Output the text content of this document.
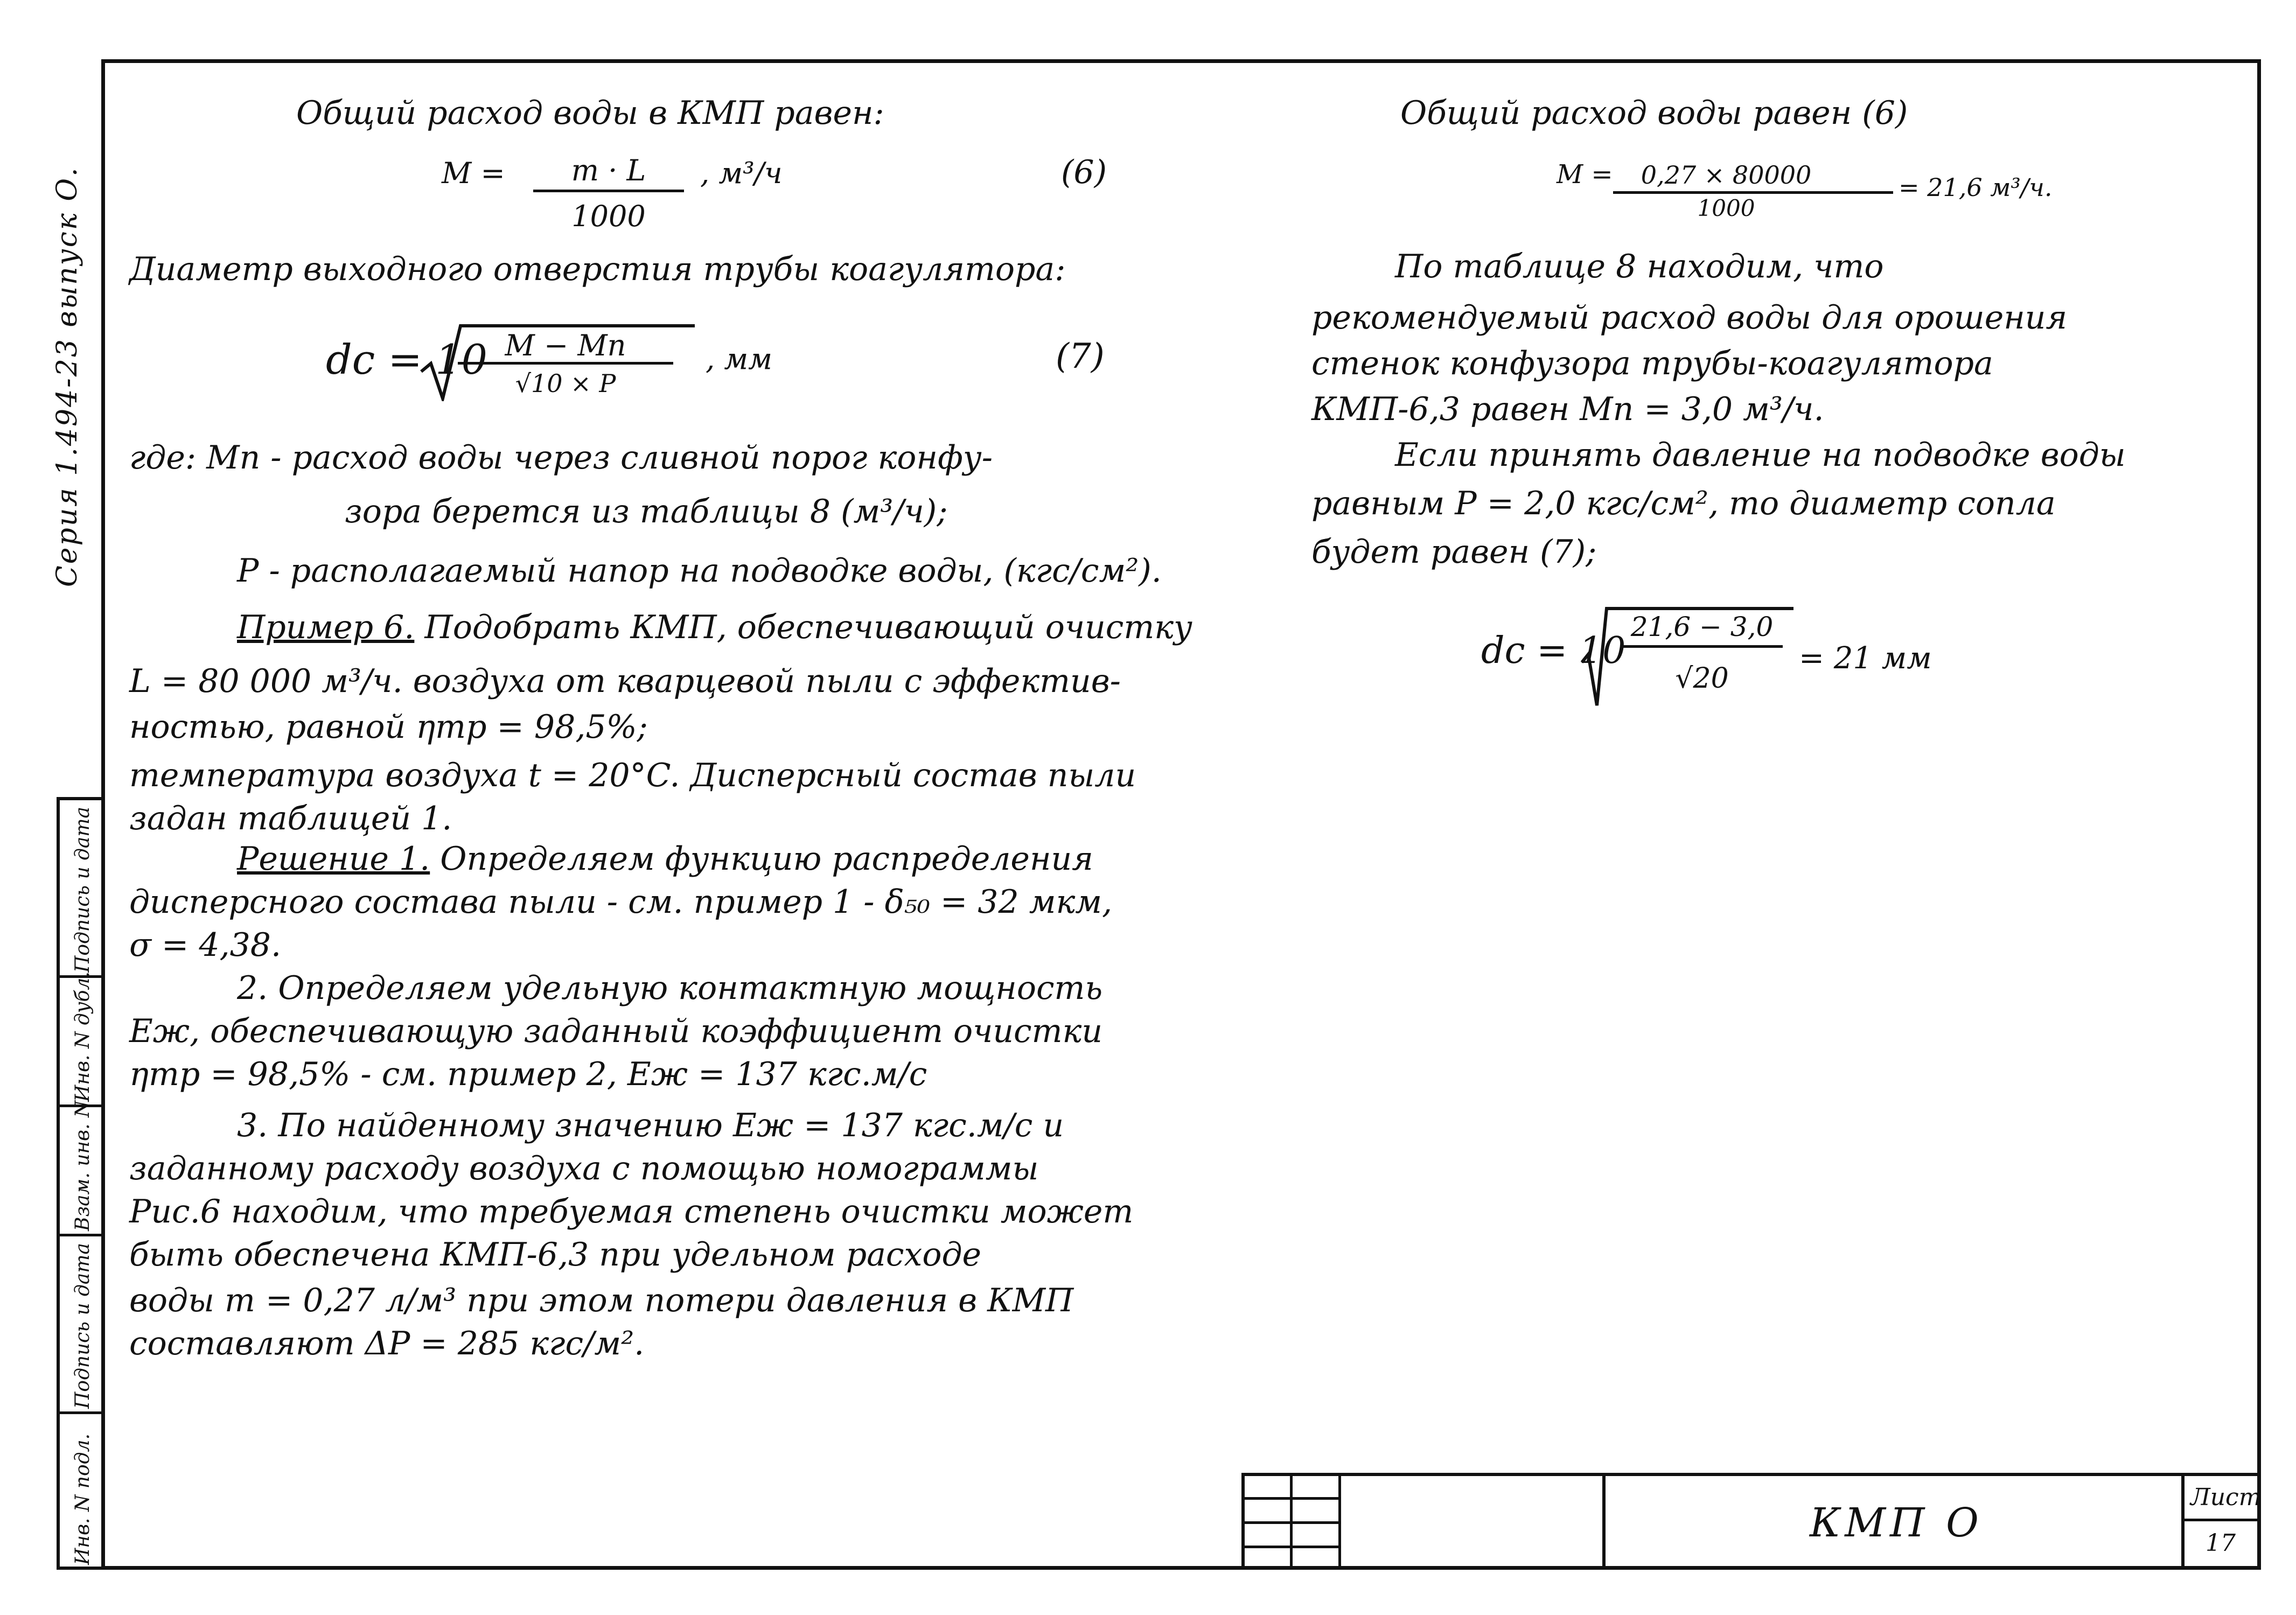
Серия 1.494-23 выпуск О.
Подпись и дата
Инв. N дубл.
Взам. инв. N
Подпись и дата
Инв. N подл.
Общий расход воды в КМП равен:
M =	m · L
1000
, м³/ч	(6)
Диаметр выходного отверстия трубы коагулятора:
dc = 10 M − Mп
√10 × P
, мм	(7)
где: Mп - расход воды через сливной порог конфу-
зора берется из таблицы 8 (м³/ч);
P - располагаемый напор на подводке воды, (кгс/см²).
Пример 6. Подобрать КМП, обеспечивающий очистку
L = 80 000 м³/ч. воздуха от кварцевой пыли с эффектив-
ностью, равной ηтр = 98,5%;
температура воздуха t = 20°C. Дисперсный состав пыли
задан таблицей 1.
Решение 1. Определяем функцию распределения
дисперсного состава пыли - см. пример 1 - δ₅₀ = 32 мкм,
σ = 4,38.
2. Определяем удельную контактную мощность
Eж, обеспечивающую заданный коэффициент очистки
ηтр = 98,5% - см. пример 2, Eж = 137 кгс.м/с
3. По найденному значению Eж = 137 кгс.м/с и
заданному расходу воздуха с помощью номограммы
Рис.6 находим, что требуемая степень очистки может
быть обеспечена КМП-6,3 при удельном расходе
воды m = 0,27 л/м³ при этом потери давления в КМП
составляют ΔP = 285 кгс/м².
Общий расход воды равен (6)
M =	0,27 × 80000
1000
= 21,6 м³/ч.
По таблице 8 находим, что
рекомендуемый расход воды для орошения
стенок конфузора трубы-коагулятора
КМП-6,3 равен Mп = 3,0 м³/ч.
Если принять давление на подводке воды
равным P = 2,0 кгс/см², то диаметр сопла
будет равен (7);
dc = 10
21,6 − 3,0
√20
= 21 мм
КМП О
Лист
17
